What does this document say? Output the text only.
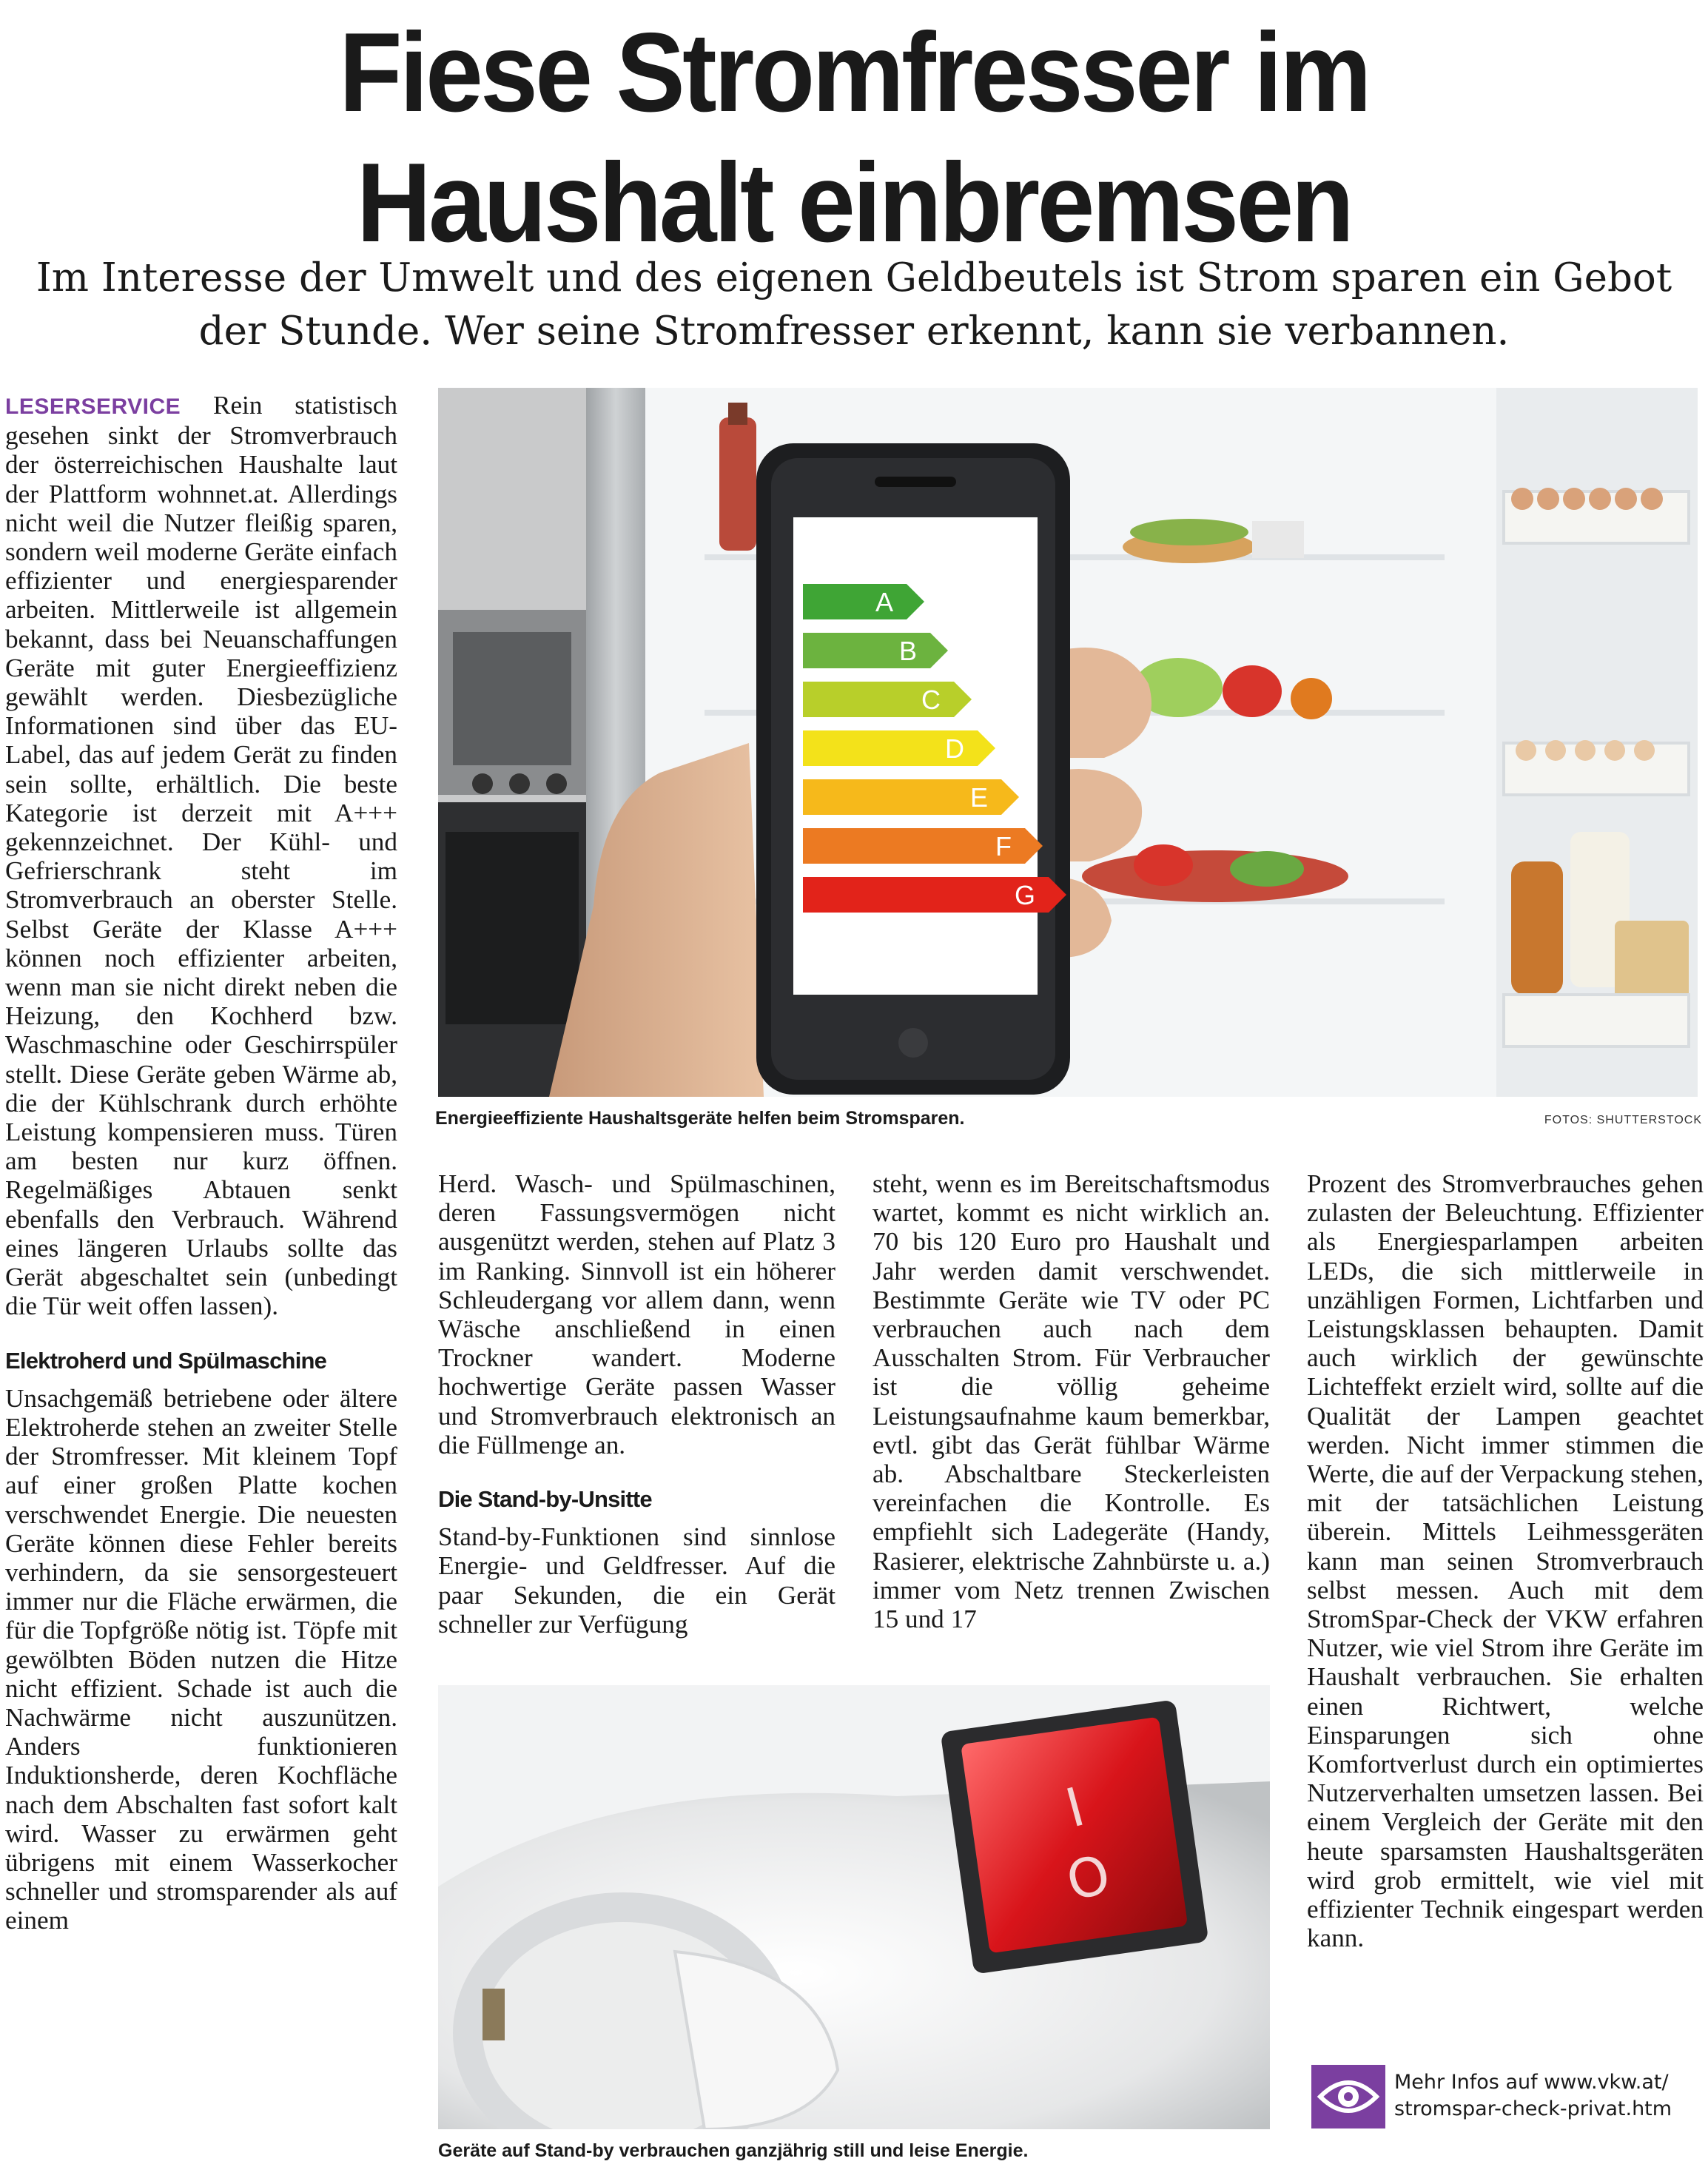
Fiese Stromfresser im
Haushalt einbremsen
Im Interesse der Umwelt und des eigenen Geldbeutels ist Strom sparen ein Gebot der Stunde. Wer seine Stromfresser erkennt, kann sie verbannen.

LESERSERVICE Rein statistisch gesehen sinkt der Stromverbrauch der österreichischen Haushalte laut der Plattform wohnnet.at. Allerdings nicht weil die Nutzer fleißig sparen, sondern weil moderne Geräte einfach effizienter und energiesparender arbeiten. Mittlerweile ist allgemein bekannt, dass bei Neuanschaffungen Geräte mit guter Energieeffizienz gewählt werden. Diesbezügliche Informationen sind über das EU-Label, das auf jedem Gerät zu finden sein sollte, erhältlich. Die beste Kategorie ist derzeit mit A+++ gekennzeichnet. Der Kühl- und Gefrierschrank steht im Stromverbrauch an oberster Stelle. Selbst Geräte der Klasse A+++ können noch effizienter arbeiten, wenn man sie nicht direkt neben die Heizung, den Kochherd bzw. Waschmaschine oder Geschirrspüler stellt. Diese Geräte geben Wärme ab, die der Kühlschrank durch erhöhte Leistung kompensieren muss. Türen am besten nur kurz öffnen. Regelmäßiges Abtauen senkt ebenfalls den Verbrauch. Während eines längeren Urlaubs sollte das Gerät abgeschaltet sein (unbedingt die Tür weit offen lassen).

Elektroherd und Spülmaschine

Unsachgemäß betriebene oder ältere Elektroherde stehen an zweiter Stelle der Stromfresser. Mit kleinem Topf auf einer großen Platte kochen verschwendet Energie. Die neuesten Geräte können diese Fehler bereits verhindern, da sie sensorgesteuert immer nur die Fläche erwärmen, die für die Topfgröße nötig ist. Töpfe mit gewölbten Böden nutzen die Hitze nicht effizient. Schade ist auch die Nachwärme nicht auszunützen. Anders funktionieren Induktionsherde, deren Kochfläche nach dem Abschalten fast sofort kalt wird. Wasser zu erwärmen geht übrigens mit einem Wasserkocher schneller und stromsparender als auf einem

A
B
C
D
E
F
G
Energieeffiziente Haushaltsgeräte helfen beim Stromsparen.	FOTOS: SHUTTERSTOCK

Herd. Wasch- und Spülmaschinen, deren Fassungsvermögen nicht ausgenützt werden, stehen auf Platz 3 im Ranking. Sinnvoll ist ein höherer Schleudergang vor allem dann, wenn Wäsche anschließend in einen Trockner wandert. Moderne hochwertige Geräte passen Wasser und Stromverbrauch elektronisch an die Füllmenge an.

Die Stand-by-Unsitte

Stand-by-Funktionen sind sinnlose Energie- und Geldfresser. Auf die paar Sekunden, die ein Gerät schneller zur Verfügung

steht, wenn es im Bereitschaftsmodus wartet, kommt es nicht wirklich an. 70 bis 120 Euro pro Haushalt und Jahr werden damit verschwendet. Bestimmte Geräte wie TV oder PC verbrauchen auch nach dem Ausschalten Strom. Für Verbraucher ist die völlig geheime Leistungsaufnahme kaum bemerkbar, evtl. gibt das Gerät fühlbar Wärme ab. Abschaltbare Steckerleisten vereinfachen die Kontrolle. Es empfiehlt sich Ladegeräte (Handy, Rasierer, elektrische Zahnbürste u. a.) immer vom Netz trennen Zwischen 15 und 17

I
O
Geräte auf Stand-by verbrauchen ganzjährig still und leise Energie.

Prozent des Stromverbrauches gehen zulasten der Beleuchtung. Effizienter als Energiesparlampen arbeiten LEDs, die sich mittlerweile in unzähligen Formen, Lichtfarben und Leistungsklassen behaupten. Damit auch wirklich der gewünschte Lichteffekt erzielt wird, sollte auf die Qualität der Lampen geachtet werden. Nicht immer stimmen die Werte, die auf der Verpackung stehen, mit der tatsächlichen Leistung überein. Mittels Leihmessgeräten kann man seinen Stromverbrauch selbst messen. Auch mit dem StromSpar-Check der VKW erfahren Nutzer, wie viel Strom ihre Geräte im Haushalt verbrauchen. Sie erhalten einen Richtwert, welche Einsparungen sich ohne Komfortverlust durch ein optimiertes Nutzerverhalten umsetzen lassen. Bei einem Vergleich der Geräte mit den heute sparsamsten Haushaltsgeräten wird grob ermittelt, wie viel mit effizienter Technik eingespart werden kann.

Mehr Infos auf www.vkw.at/
stromspar-check-privat.htm
